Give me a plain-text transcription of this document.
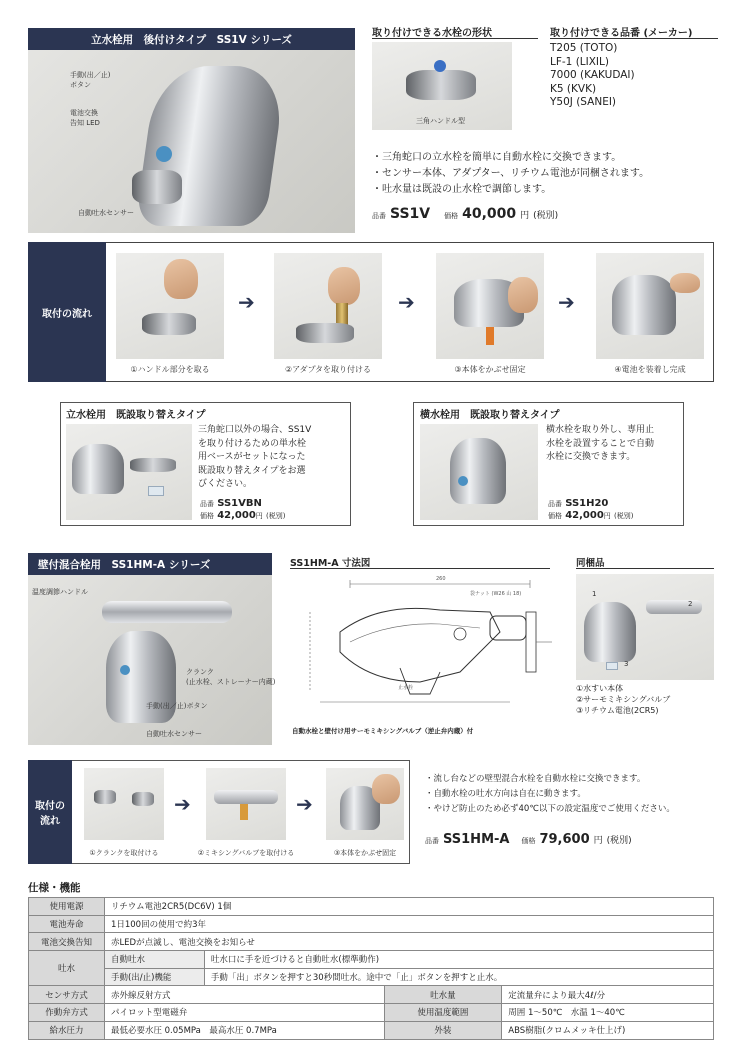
手動(出／止)
ボタン
電池交換
告知 LED
自動吐水センサー
立水栓用　後付けタイプ　SS1V シリーズ	取り付けできる水栓の形状
三角ハンドル型
取り付けできる品番 (メーカー)
T205 (TOTO)
LF-1 (LIXIL)
7000 (KAKUDAI)
K5 (KVK)
Y50J (SANEI)
・三角蛇口の立水栓を簡単に自動水栓に交換できます。
・センサー本体、アダプター、リチウム電池が同梱されます。
・吐水量は既設の止水栓で調節します。
品番 SS1V 価格 40,000 円 (税別)
取付の流れ
①ハンドル部分を取る
➔
②アダプタを取り付ける
➔
③本体をかぶせ固定
➔
④電池を装着し完成
立水栓用　既設取り替えタイプ
三角蛇口以外の場合、SS1V
を取り付けるための単水栓
用ベースがセットになった
既設取り替えタイプをお選
びください。
品番 SS1VBN
価格 42,000円 (税別)
横水栓用　既設取り替えタイプ
横水栓を取り外し、専用止
水栓を設置することで自動
水栓に交換できます。
品番 SS1H20
価格 42,000円 (税別)
温度調節ハンドル
クランク
(止水栓、ストレーナー内蔵)
手動(出／止)ボタン
自動吐水センサー
壁付混合栓用　SS1HM-A シリーズ	SS1HM-A 寸法図
260
袋ナット (W26 山 18)
止水栓
自動水栓と壁付け用サーモミキシングバルブ（逆止弁内蔵）付
同梱品
1
2
3
①水すい本体
②サーモミキシングバルブ
③リチウム電池(2CR5)
取付の
流れ
①クランクを取付ける
➔
②ミキシングバルブを取付ける
➔
③本体をかぶせ固定
・流し台などの壁型混合水栓を自動水栓に交換できます。
・自動水栓の吐水方向は自在に動きます。
・やけど防止のため必ず40℃以下の設定温度でご使用ください。
品番 SS1HM-A 価格 79,600 円 (税別)
仕様・機能
使用電源	リチウム電池2CR5(DC6V) 1個			
電池寿命	1日100回の使用で約3年			
電池交換告知	赤LEDが点滅し、電池交換をお知らせ			
吐水	自動吐水	吐水口に手を近づけると自動吐水(標準動作)		
	手動(出/止)機能	手動「出」ボタンを押すと30秒間吐水。途中で「止」ボタンを押すと止水。		
センサ方式	赤外線反射方式		吐水量	定流量弁により最大4ℓ/分
作動弁方式	パイロット型電磁弁		使用温度範囲	周囲 1〜50℃　水温 1〜40℃
給水圧力	最低必要水圧 0.05MPa　最高水圧 0.7MPa		外装	ABS樹脂(クロムメッキ仕上げ)
